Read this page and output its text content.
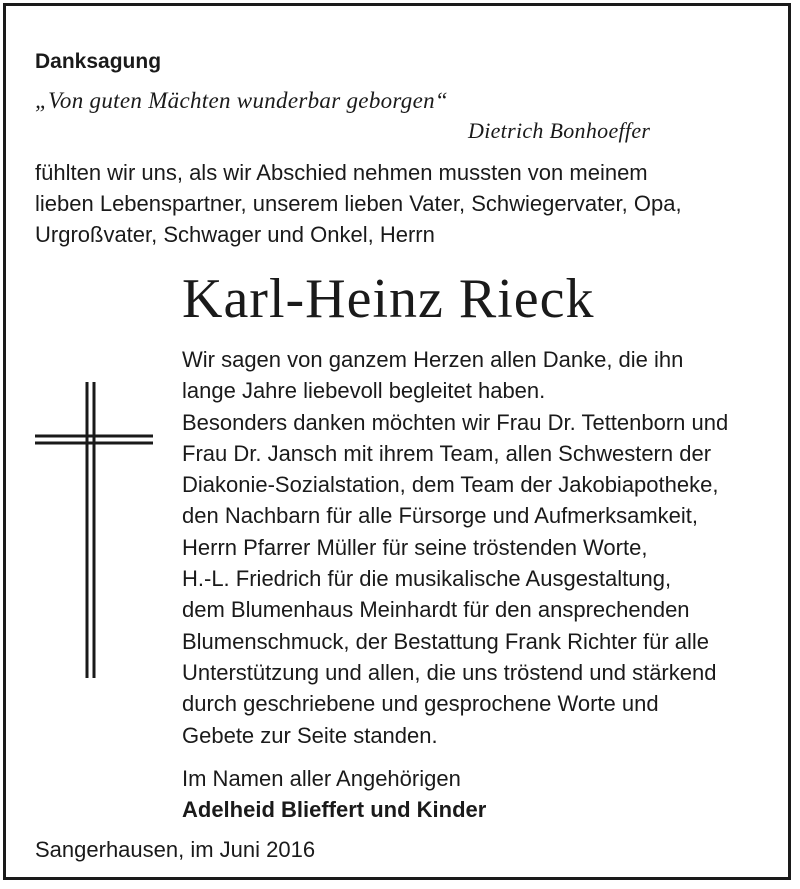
Danksagung
„Von guten Mächten wunderbar geborgen“
Dietrich Bonhoeffer
fühlten wir uns, als wir Abschied nehmen mussten von meinem
lieben Lebenspartner, unserem lieben Vater, Schwiegervater, Opa,
Urgroßvater, Schwager und Onkel, Herrn
Karl-Heinz Rieck
Wir sagen von ganzem Herzen allen Danke, die ihn
lange Jahre liebevoll begleitet haben.
Besonders danken möchten wir Frau Dr. Tettenborn und
Frau Dr. Jansch mit ihrem Team, allen Schwestern der
Diakonie-Sozialstation, dem Team der Jakobiapotheke,
den Nachbarn für alle Fürsorge und Aufmerksamkeit,
Herrn Pfarrer Müller für seine tröstenden Worte,
H.-L. Friedrich für die musikalische Ausgestaltung,
dem Blumenhaus Meinhardt für den ansprechenden
Blumenschmuck, der Bestattung Frank Richter für alle
Unterstützung und allen, die uns tröstend und stärkend
durch geschriebene und gesprochene Worte und
Gebete zur Seite standen.
Im Namen aller Angehörigen
Adelheid Blieffert und Kinder
Sangerhausen, im Juni 2016
